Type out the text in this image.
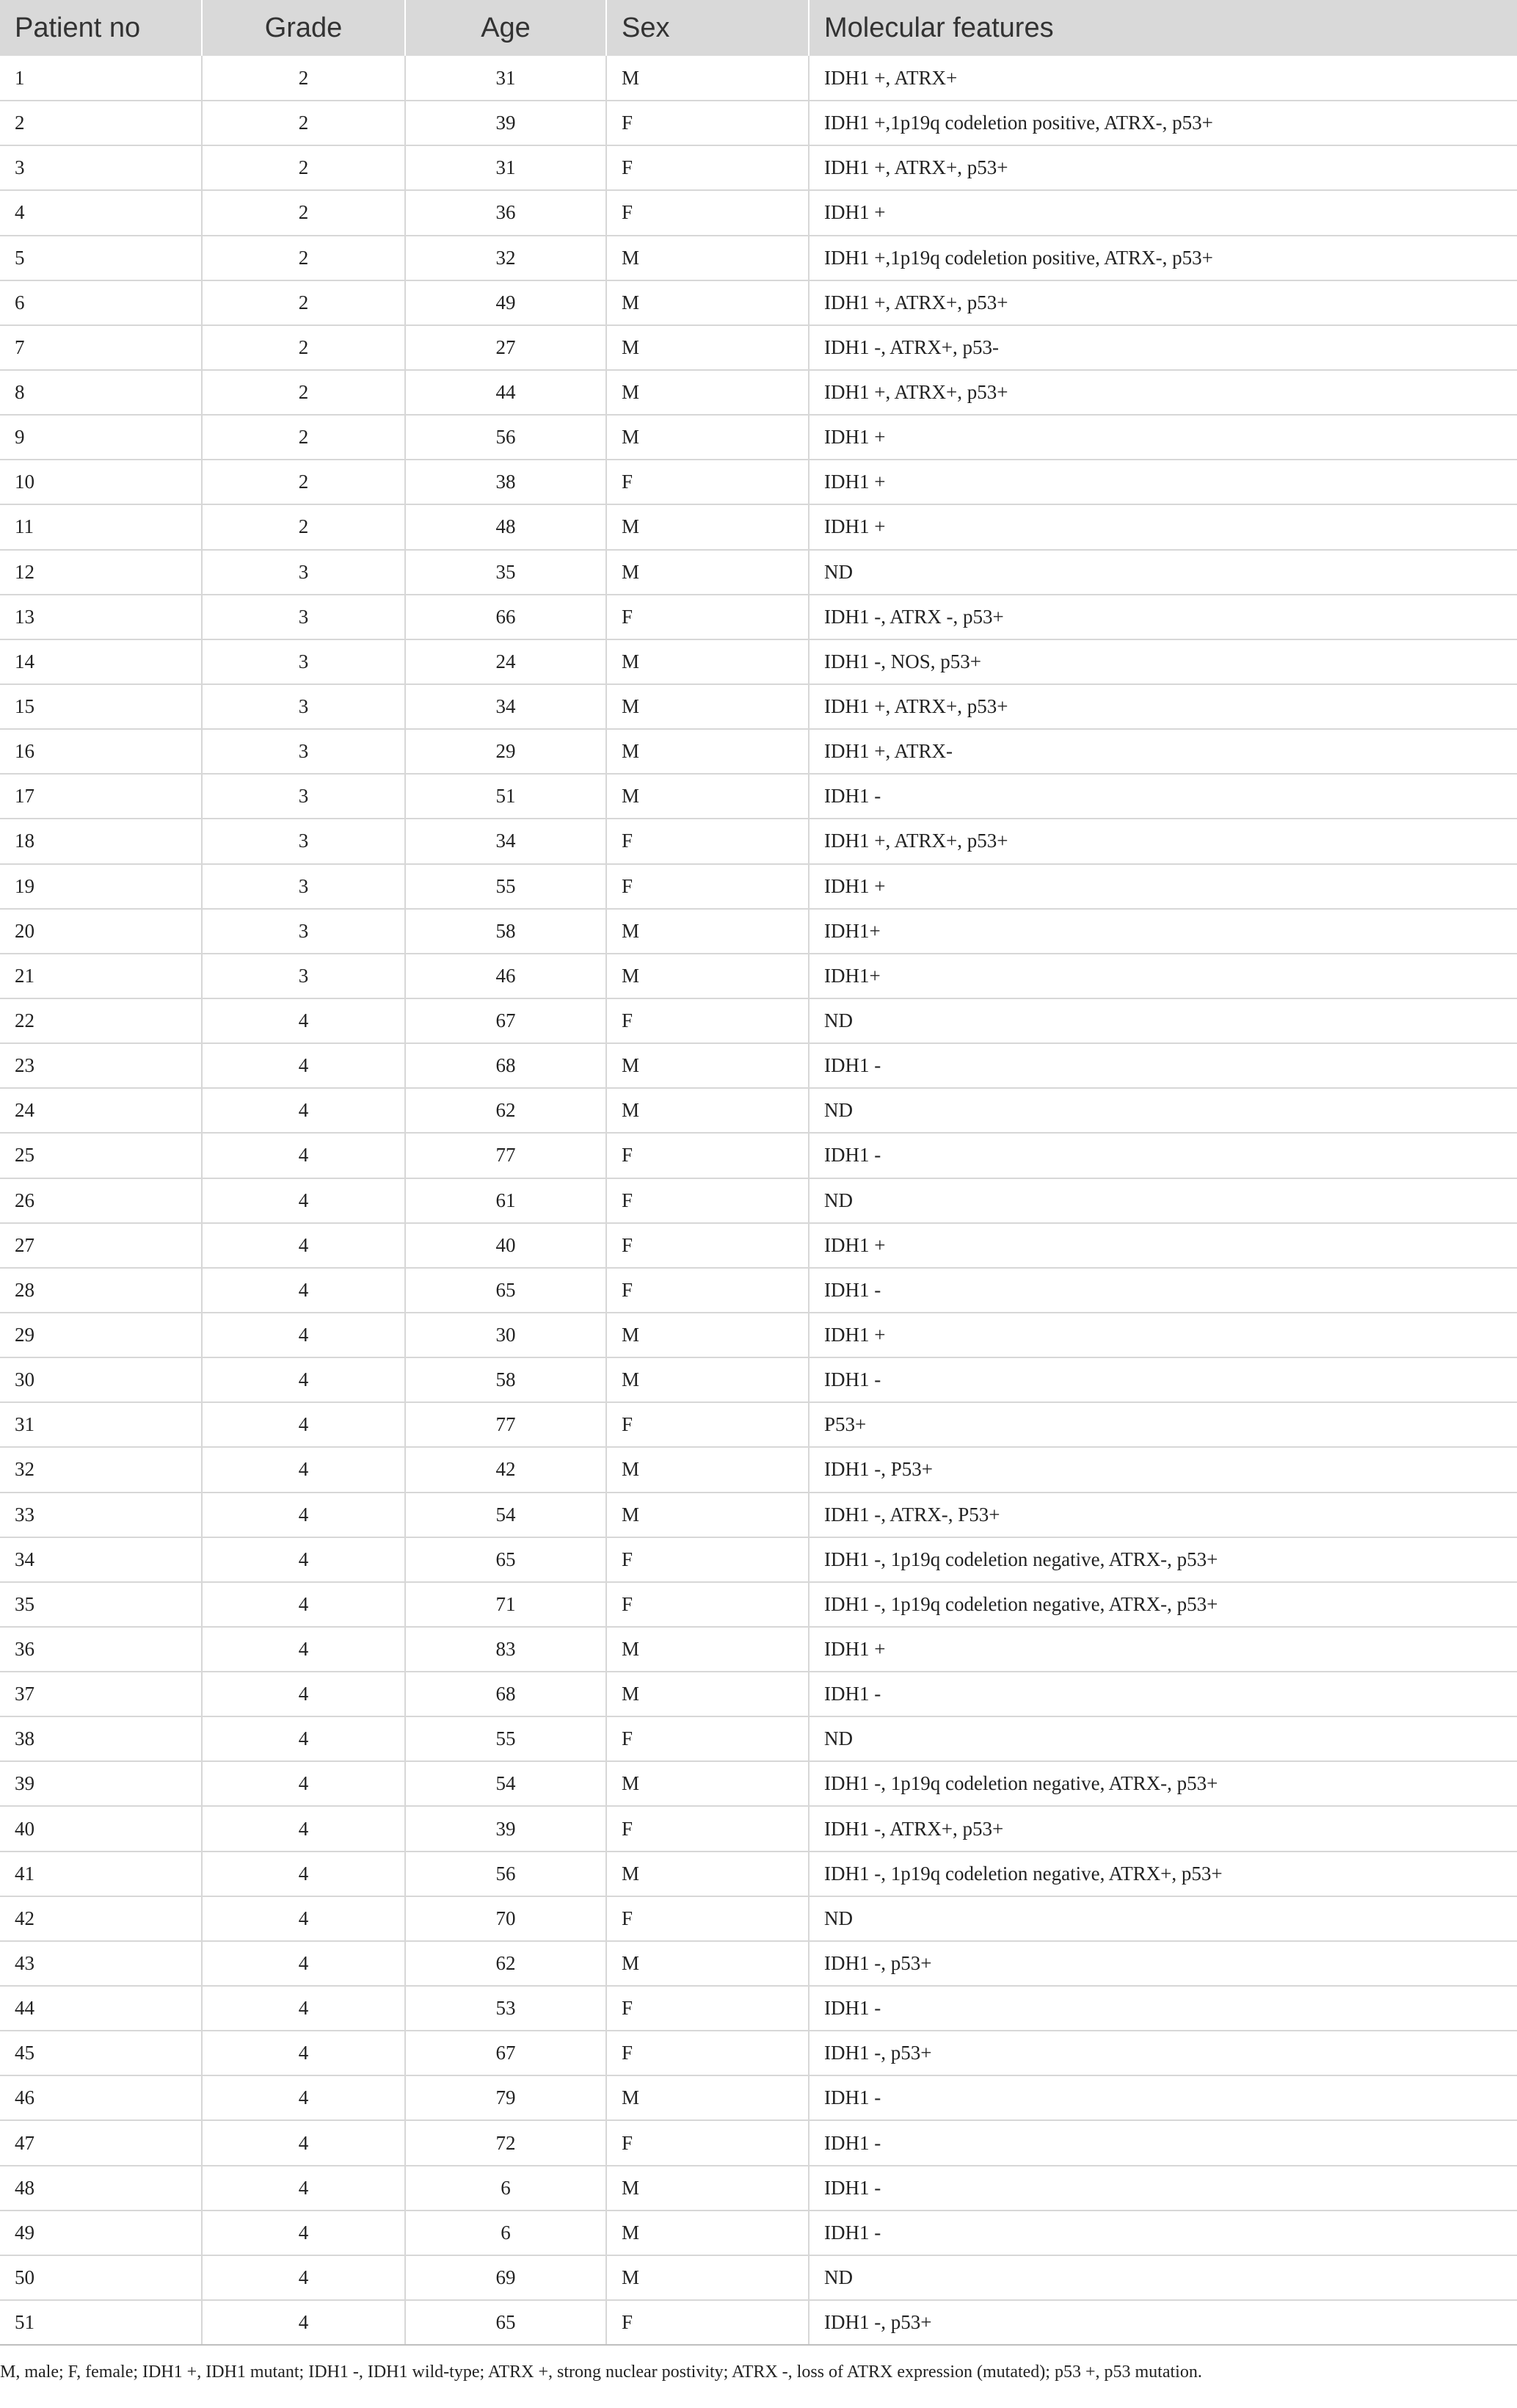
Patient no	Grade	Age	Sex	Molecular features
1	2	31	M	IDH1 +, ATRX+
2	2	39	F	IDH1 +,1p19q codeletion positive, ATRX-, p53+
3	2	31	F	IDH1 +, ATRX+, p53+
4	2	36	F	IDH1 +
5	2	32	M	IDH1 +,1p19q codeletion positive, ATRX-, p53+
6	2	49	M	IDH1 +, ATRX+, p53+
7	2	27	M	IDH1 -, ATRX+, p53-
8	2	44	M	IDH1 +, ATRX+, p53+
9	2	56	M	IDH1 +
10	2	38	F	IDH1 +
11	2	48	M	IDH1 +
12	3	35	M	ND
13	3	66	F	IDH1 -, ATRX -, p53+
14	3	24	M	IDH1 -, NOS, p53+
15	3	34	M	IDH1 +, ATRX+, p53+
16	3	29	M	IDH1 +, ATRX-
17	3	51	M	IDH1 -
18	3	34	F	IDH1 +, ATRX+, p53+
19	3	55	F	IDH1 +
20	3	58	M	IDH1+
21	3	46	M	IDH1+
22	4	67	F	ND
23	4	68	M	IDH1 -
24	4	62	M	ND
25	4	77	F	IDH1 -
26	4	61	F	ND
27	4	40	F	IDH1 +
28	4	65	F	IDH1 -
29	4	30	M	IDH1 +
30	4	58	M	IDH1 -
31	4	77	F	P53+
32	4	42	M	IDH1 -, P53+
33	4	54	M	IDH1 -, ATRX-, P53+
34	4	65	F	IDH1 -, 1p19q codeletion negative, ATRX-, p53+
35	4	71	F	IDH1 -, 1p19q codeletion negative, ATRX-, p53+
36	4	83	M	IDH1 +
37	4	68	M	IDH1 -
38	4	55	F	ND
39	4	54	M	IDH1 -, 1p19q codeletion negative, ATRX-, p53+
40	4	39	F	IDH1 -, ATRX+, p53+
41	4	56	M	IDH1 -, 1p19q codeletion negative, ATRX+, p53+
42	4	70	F	ND
43	4	62	M	IDH1 -, p53+
44	4	53	F	IDH1 -
45	4	67	F	IDH1 -, p53+
46	4	79	M	IDH1 -
47	4	72	F	IDH1 -
48	4	6	M	IDH1 -
49	4	6	M	IDH1 -
50	4	69	M	ND
51	4	65	F	IDH1 -, p53+
M, male; F, female; IDH1 +, IDH1 mutant; IDH1 -, IDH1 wild-type; ATRX +, strong nuclear postivity; ATRX -, loss of ATRX expression (mutated); p53 +, p53 mutation.
